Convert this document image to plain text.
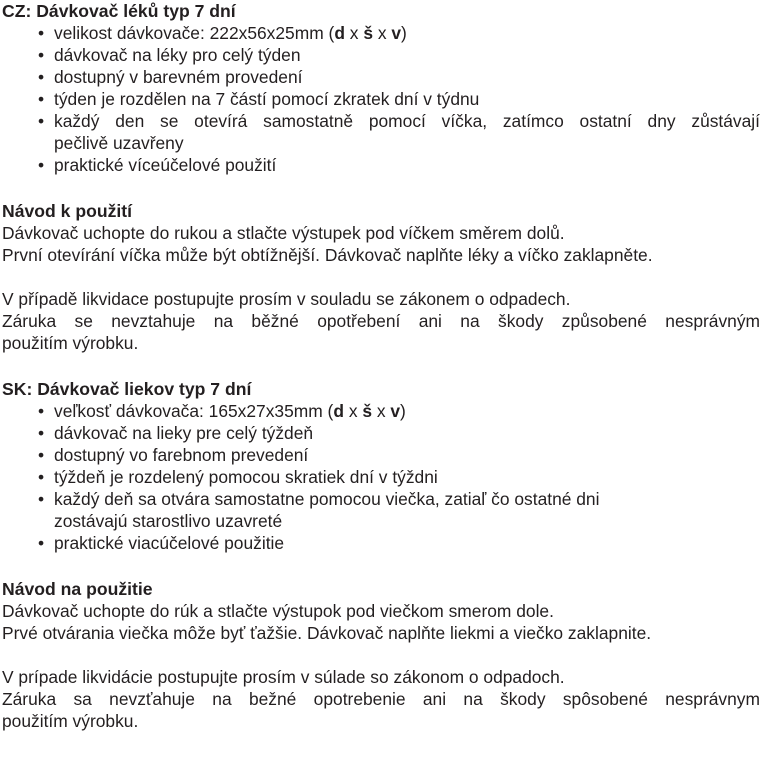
CZ: Dávkovač léků typ 7 dní
• velikost dávkovače: 222x56x25mm (d x š x v)
• dávkovač na léky pro celý týden
• dostupný v barevném provedení
• týden je rozdělen na 7 částí pomocí zkratek dní v týdnu
• každý den se otevírá samostatně pomocí víčka, zatímco ostatní dny zůstávají
pečlivě uzavřeny
• praktické víceúčelové použití
Návod k použití
Dávkovač uchopte do rukou a stlačte výstupek pod víčkem směrem dolů.
První otevírání víčka může být obtížnější. Dávkovač naplňte léky a víčko zaklapněte.
V případě likvidace postupujte prosím v souladu se zákonem o odpadech.
Záruka se nevztahuje na běžné opotřebení ani na škody způsobené nesprávným
použitím výrobku.
SK: Dávkovač liekov typ 7 dní
• veľkosť dávkovača: 165x27x35mm (d x š x v)
• dávkovač na lieky pre celý týždeň
• dostupný vo farebnom prevedení
• týždeň je rozdelený pomocou skratiek dní v týždni
• každý deň sa otvára samostatne pomocou viečka, zatiaľ čo ostatné dni
zostávajú starostlivo uzavreté
• praktické viacúčelové použitie
Návod na použitie
Dávkovač uchopte do rúk a stlačte výstupok pod viečkom smerom dole.
Prvé otvárania viečka môže byť ťažšie. Dávkovač naplňte liekmi a viečko zaklapnite.
V prípade likvidácie postupujte prosím v súlade so zákonom o odpadoch.
Záruka sa nevzťahuje na bežné opotrebenie ani na škody spôsobené nesprávnym
použitím výrobku.
